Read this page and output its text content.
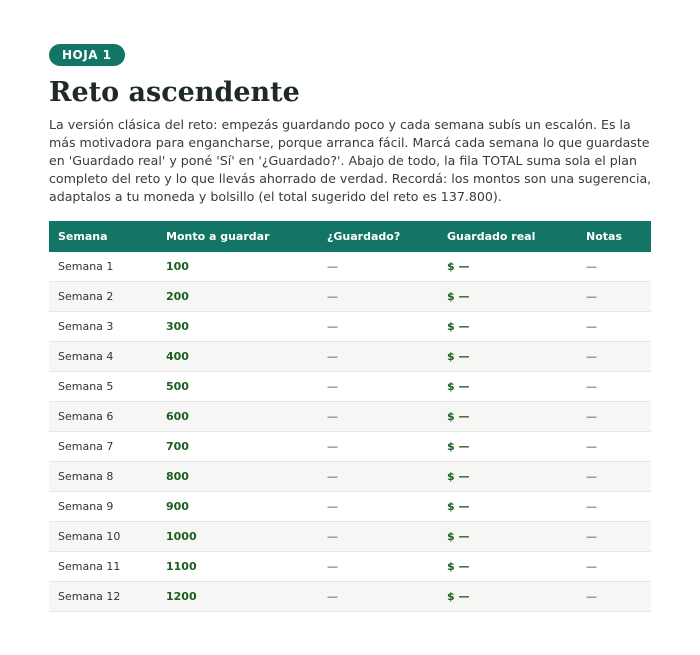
HOJA 1
Reto ascendente

La versión clásica del reto: empezás guardando poco y cada semana subís un escalón. Es la más motivadora para engancharse, porque arranca fácil. Marcá cada semana lo que guardaste en 'Guardado real' y poné 'Sí' en '¿Guardado?'. Abajo de todo, la fila TOTAL suma sola el plan completo del reto y lo que llevás ahorrado de verdad. Recordá: los montos son una sugerencia, adaptalos a tu moneda y bolsillo (el total sugerido del reto es 137.800).

Semana	Monto a guardar	¿Guardado?	Guardado real	Notas
Semana 1	100	—	$ —	—
Semana 2	200	—	$ —	—
Semana 3	300	—	$ —	—
Semana 4	400	—	$ —	—
Semana 5	500	—	$ —	—
Semana 6	600	—	$ —	—
Semana 7	700	—	$ —	—
Semana 8	800	—	$ —	—
Semana 9	900	—	$ —	—
Semana 10	1000	—	$ —	—
Semana 11	1100	—	$ —	—
Semana 12	1200	—	$ —	—
